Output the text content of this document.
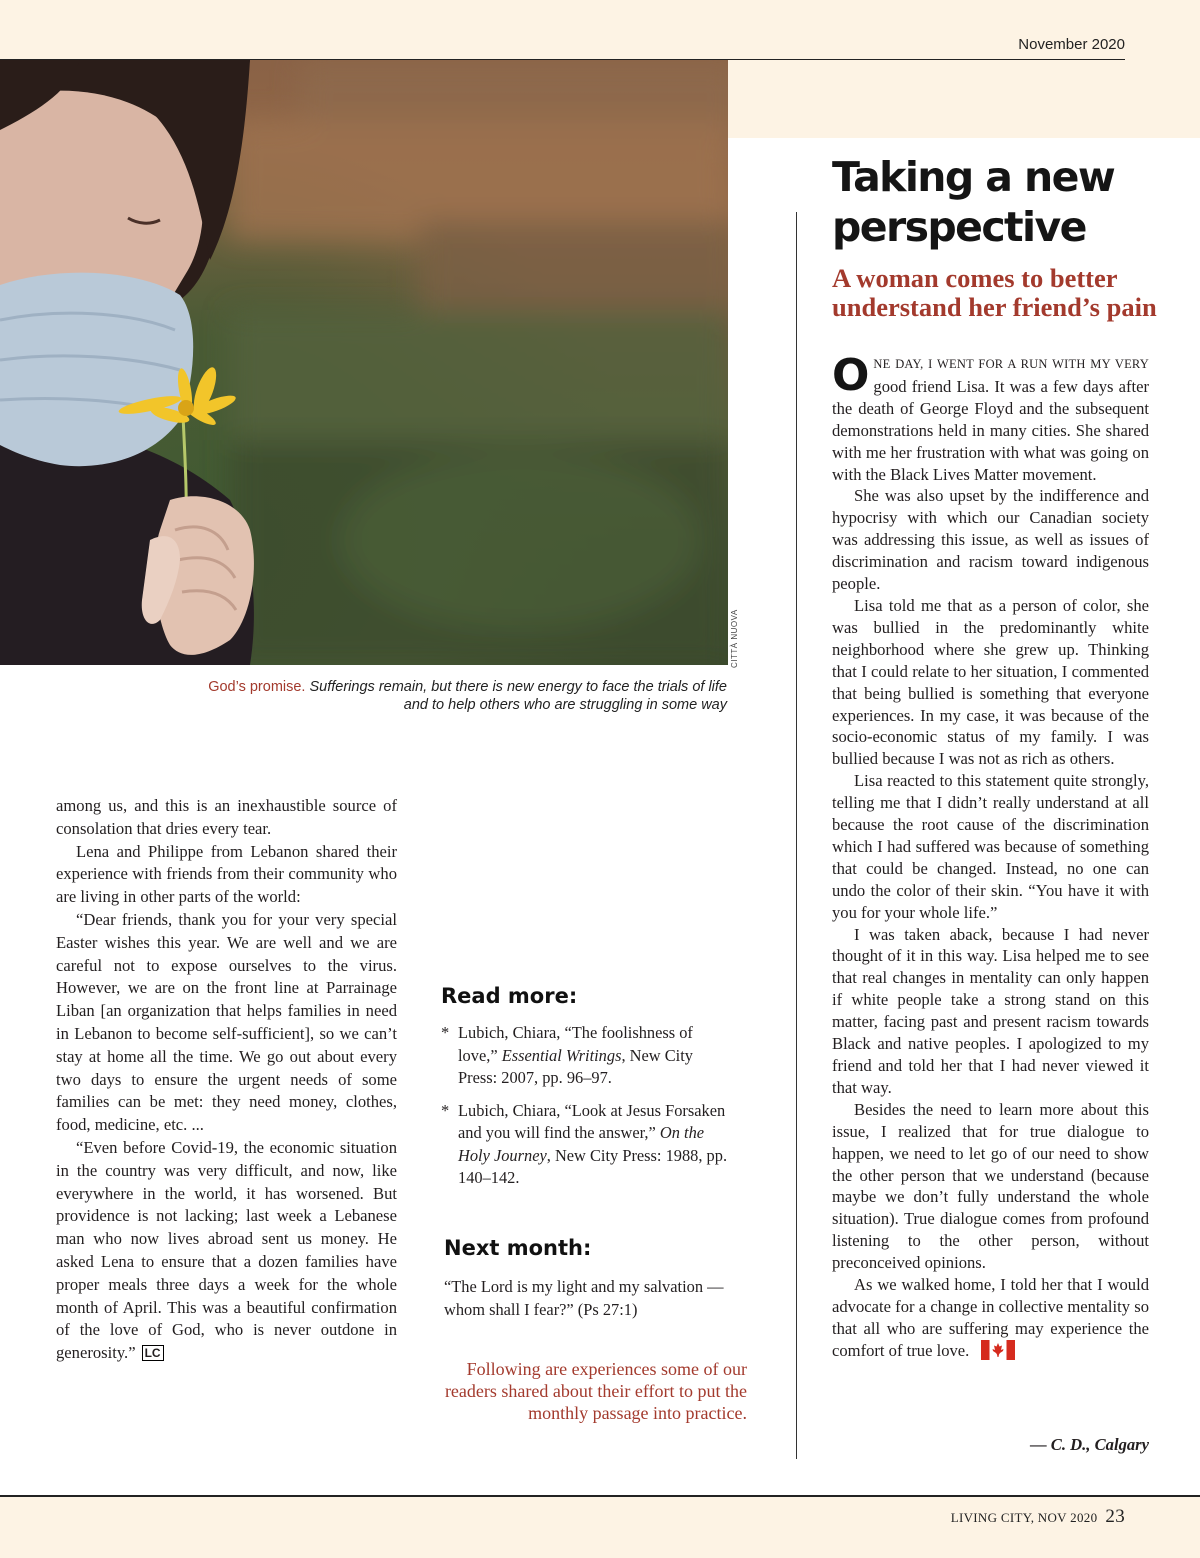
November 2020
CITTÀ NUOVA
God’s promise. Sufferings remain, but there is new energy to face the trials of life and to help others who are struggling in some way

among us, and this is an inexhaustible source of consolation that dries every tear.

Lena and Philippe from Lebanon shared their experience with friends from their community who are living in other parts of the world:

“Dear friends, thank you for your very special Easter wishes this year. We are well and we are careful not to expose ourselves to the virus. However, we are on the front line at Parrainage Liban [an organization that helps families in need in Lebanon to become self-sufficient], so we can’t stay at home all the time. We go out about every two days to ensure the urgent needs of some families can be met: they need money, clothes, food, medicine, etc. ...

“Even before Covid-19, the economic situation in the country was very difficult, and now, like everywhere in the world, it has worsened. But providence is not lacking; last week a Lebanese man who now lives abroad sent us money. He asked Lena to ensure that a dozen families have proper meals three days a week for the whole month of April. This was a beautiful confirmation of the love of God, who is never outdone in generosity.” LC

Read more:
* Lubich, Chiara, “The foolishness of love,” Essential Writings, New City Press: 2007, pp. 96–97.
* Lubich, Chiara, “Look at Jesus Forsaken and you will find the answer,” On the Holy Journey, New City Press: 1988, pp. 140–142.
Next month:
“The Lord is my light and my salvation — whom shall I fear?” (Ps 27:1)
Following are experiences some of our readers shared about their effort to put the monthly passage into practice.
Taking a new perspective
A woman comes to better understand her friend’s pain

ONE DAY, I WENT FOR A RUN WITH MY VERY good friend Lisa. It was a few days after the death of George Floyd and the subsequent demonstrations held in many cities. She shared with me her frustration with what was going on with the Black Lives Matter movement.

She was also upset by the indifference and hypocrisy with which our Canadian society was addressing this issue, as well as issues of discrimination and racism toward indigenous people.

Lisa told me that as a person of color, she was bullied in the predominantly white neighborhood where she grew up. Thinking that I could relate to her situation, I commented that being bullied is something that everyone experiences. In my case, it was because of the socio-economic status of my family. I was bullied because I was not as rich as others.

Lisa reacted to this statement quite strongly, telling me that I didn’t really understand at all because the root cause of the discrimination which I had suffered was because of something that could be changed. Instead, no one can undo the color of their skin. “You have it with you for your whole life.”

I was taken aback, because I had never thought of it in this way. Lisa helped me to see that real changes in mentality can only happen if white people take a strong stand on this matter, facing past and present racism towards Black and native peoples. I apologized to my friend and told her that I had never viewed it that way.

Besides the need to learn more about this issue, I realized that for true dialogue to happen, we need to let go of our need to show the other person that we understand (because maybe we don’t fully understand the whole situation). True dialogue comes from profound listening to the other person, without preconceived opinions.

As we walked home, I told her that I would advocate for a change in collective mentality so that all who are suffering may experience the comfort of true love.

— C. D., Calgary
LIVING CITY, NOV 2020 23
